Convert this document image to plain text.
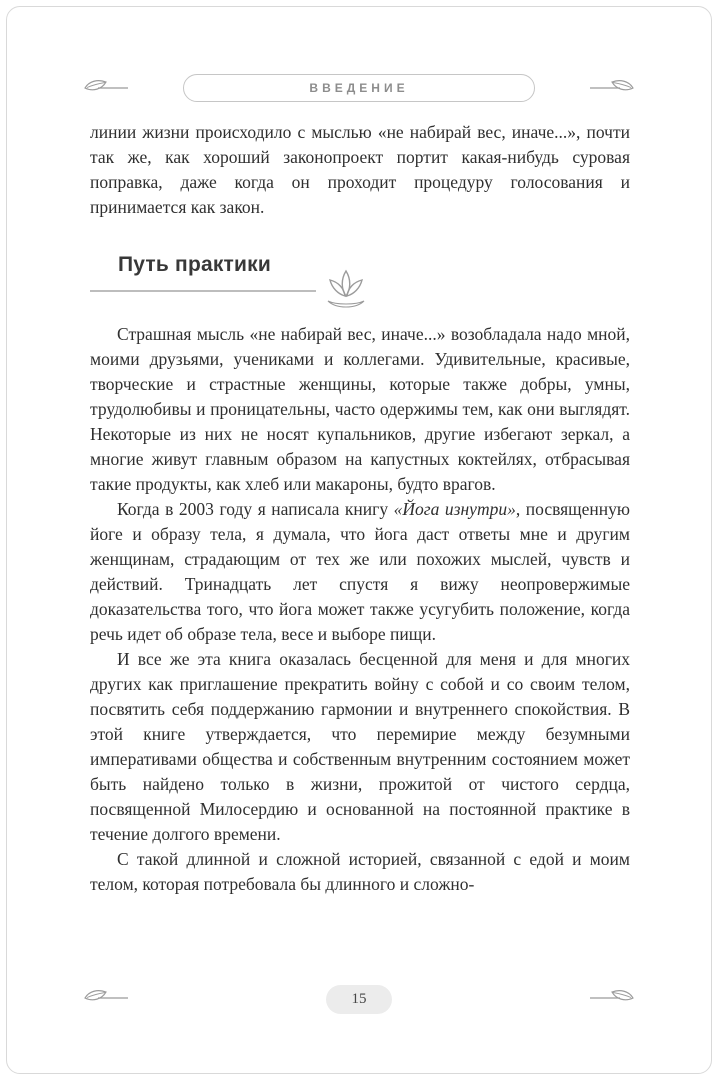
ВВЕДЕНИЕ

линии жизни происходило с мыслью «не набирай вес, иначе...», почти так же, как хороший законопроект портит какая-нибудь суровая поправка, даже когда он проходит процедуру голосования и принимается как закон.

Путь практики

Страшная мысль «не набирай вес, иначе...» возобладала надо мной, моими друзьями, учениками и коллегами. Удивительные, красивые, творческие и страстные женщины, которые также добры, умны, трудолюбивы и проницательны, часто одержимы тем, как они выглядят. Некоторые из них не носят купальников, другие избегают зеркал, а многие живут главным образом на капустных коктейлях, отбрасывая такие продукты, как хлеб или макароны, будто врагов.

Когда в 2003 году я написала книгу «Йога изнутри», посвященную йоге и образу тела, я думала, что йога даст ответы мне и другим женщинам, страдающим от тех же или похожих мыслей, чувств и действий. Тринадцать лет спустя я вижу неопровержимые доказательства того, что йога может также усугубить положение, когда речь идет об образе тела, весе и выборе пищи.

И все же эта книга оказалась бесценной для меня и для многих других как приглашение прекратить войну с собой и со своим телом, посвятить себя поддержанию гармонии и внутреннего спокойствия. В этой книге утверждается, что перемирие между безумными императивами общества и собственным внутренним состоянием может быть найдено только в жизни, прожитой от чистого сердца, посвященной Милосердию и основанной на постоянной практике в течение долгого времени.

С такой длинной и сложной историей, связанной с едой и моим телом, которая потребовала бы длинного и сложно-

15
